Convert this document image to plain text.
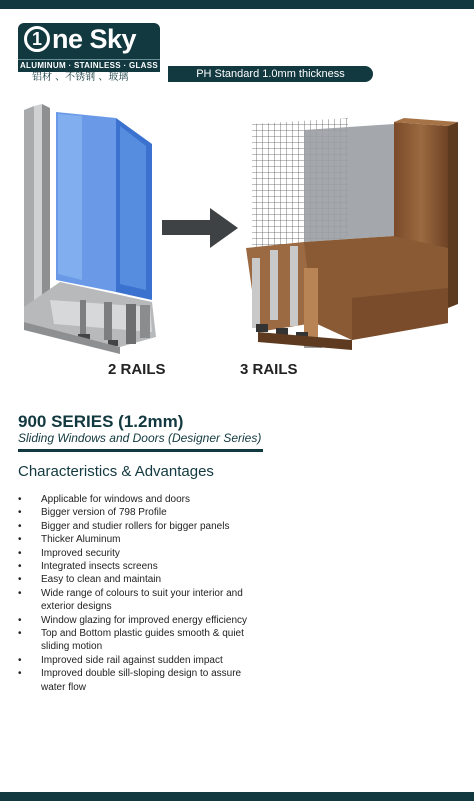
1 ne Sky
ALUMINUM · STAINLESS · GLASS
铝材 、不锈钢 、玻璃	PH Standard 1.0mm thickness
2 RAILS	3 RAILS
900 SERIES (1.2mm)
Sliding Windows and Doors (Designer Series)
Characteristics & Advantages
• Applicable for windows and doors
• Bigger version of 798 Profile
• Bigger and studier rollers for bigger panels
• Thicker Aluminum
• Improved security
• Integrated insects screens
• Easy to clean and maintain
• Wide range of colours to suit your interior and
exterior designs
• Window glazing for improved energy efficiency
• Top and Bottom plastic guides smooth & quiet
sliding motion
• Improved side rail against sudden impact
• Improved double sill-sloping design to assure
water flow
